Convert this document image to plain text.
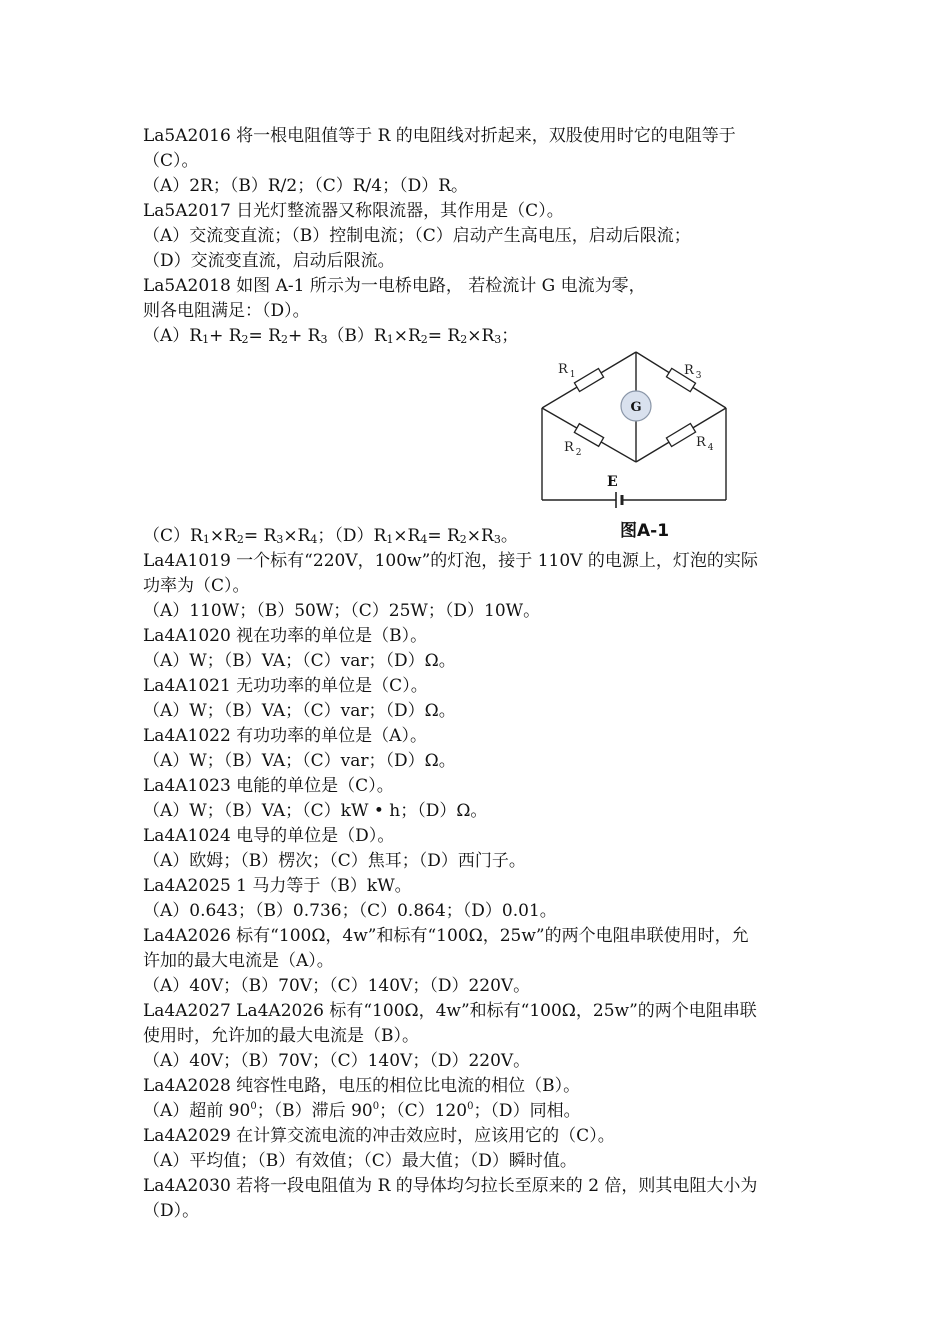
La5A2016 将一根电阻值等于 R 的电阻线对折起来，双股使用时它的电阻等于
（C）。
（A）2R；（B）R/2；（C）R/4；（D）R。
La5A2017 日光灯整流器又称限流器，其作用是（C）。
（A）交流变直流；（B）控制电流；（C）启动产生高电压，启动后限流；
（D）交流变直流，启动后限流。
La5A2018 如图 A-1 所示为一电桥电路， 若检流计 G 电流为零，
则各电阻满足：（D）。
$(A)R_1+ R_2= R_2+ R_3(B)R_1\times R_2= R_2\times R_3$；
$(C)R_1\times R_2= R_3\times R_4$；$(D)R_1\times R_4= R_2\times R_3$。
La4A1019 一个标有“220V，100w”的灯泡，接于 110V 的电源上，灯泡的实际
功率为（C）。
（A）110W；（B）50W；（C）25W；（D）10W。
La4A1020 视在功率的单位是（B）。
（A）W；（B）VA；（C）var；（D）Ω。
La4A1021 无功功率的单位是（C）。
（A）W；（B）VA；（C）var；（D）Ω。
La4A1022 有功功率的单位是（A）。
（A）W；（B）VA；（C）var；（D）Ω。
La4A1023 电能的单位是（C）。
（A）W；（B）VA；（C）kW • h；（D）Ω。
La4A1024 电导的单位是（D）。
（A）欧姆；（B）楞次；（C）焦耳；（D）西门子。
La4A2025 1 马力等于（B）kW。
（A）0.643；（B）0.736；（C）0.864；（D）0.01。
La4A2026 标有“100Ω，4w”和标有“100Ω，25w”的两个电阻串联使用时，允
许加的最大电流是（A）。
（A）40V；（B）70V；（C）140V；（D）220V。
La4A2027 La4A2026 标有“100Ω，4w”和标有“100Ω，25w”的两个电阻串联
使用时，允许加的最大电流是（B）。
（A）40V；（B）70V；（C）140V；（D）220V。
La4A2028 纯容性电路，电压的相位比电流的相位（B）。
（A）超前 $90^0$；（B）滞后 $90^0$；$(C)120^0$；（D）同相。
La4A2029 在计算交流电流的冲击效应时，应该用它的（C）。
（A）平均值；（B）有效值；（C）最大值；（D）瞬时值。
La4A2030 若将一段电阻值为 R 的导体均匀拉长至原来的 2 倍，则其电阻大小为
（D）。
G
R $_1$	R $_3$
R $_2$
R $_4$
E
图A-1
